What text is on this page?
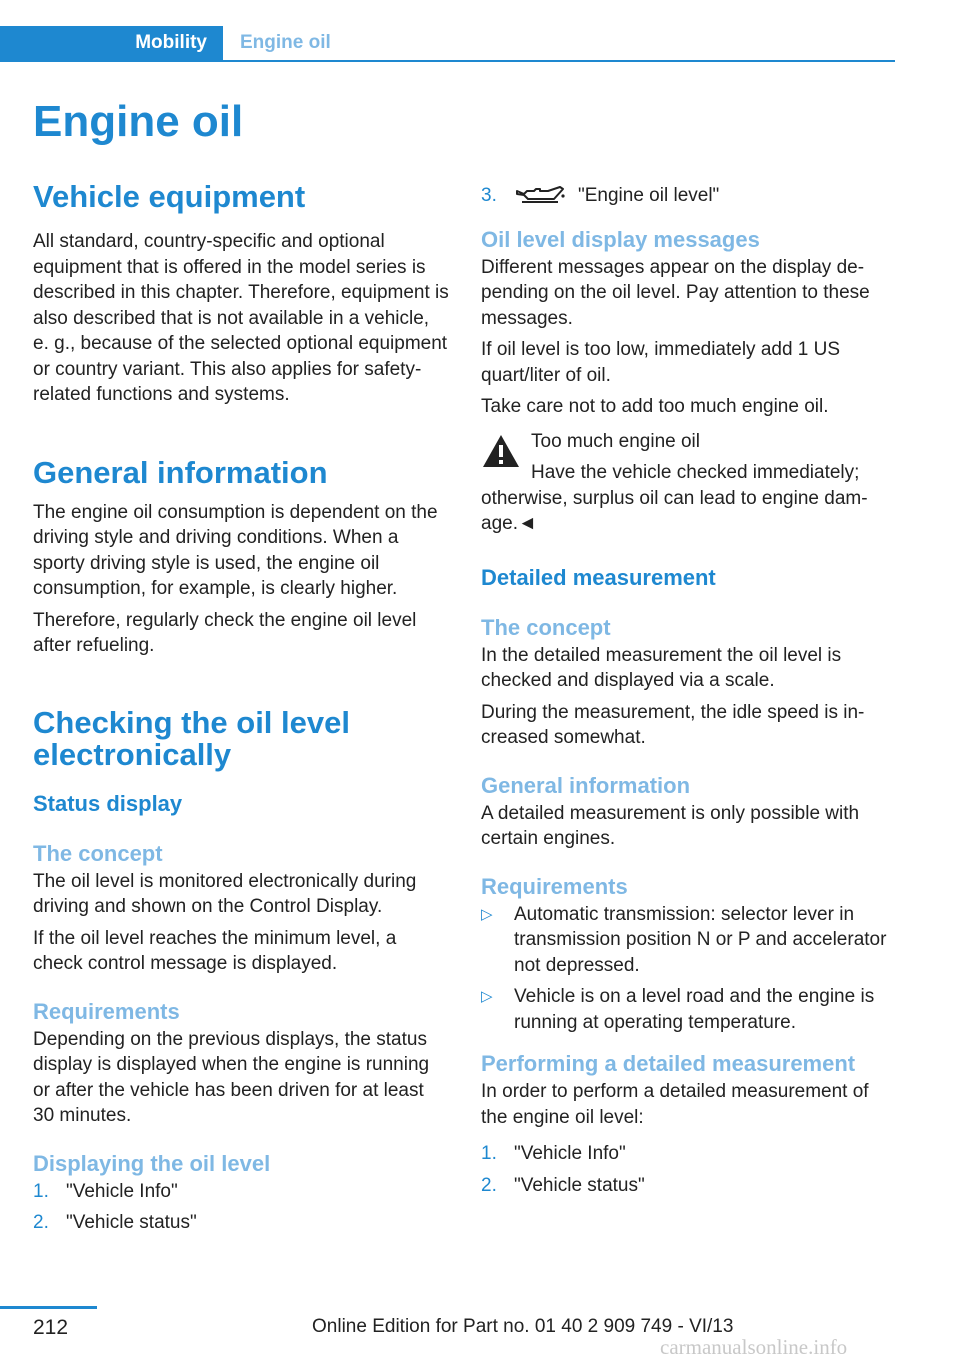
Mobility	Engine oil
Engine oil
Vehicle equipment

All standard, country-specific and optional equipment that is offered in the model series is described in this chapter. Therefore, equipment is also described that is not available in a vehicle, e. g., because of the selected optional equipment or country variant. This also applies for safety-related functions and systems.

General information

The engine oil consumption is dependent on the driving style and driving conditions. When a sporty driving style is used, the engine oil consumption, for example, is clearly higher.

Therefore, regularly check the engine oil level after refueling.

Checking the oil level electronically
Status display
The concept

The oil level is monitored electronically during driving and shown on the Control Display.

If the oil level reaches the minimum level, a check control message is displayed.

Requirements

Depending on the previous displays, the status display is displayed when the engine is running or after the vehicle has been driven for at least 30 minutes.

Displaying the oil level
1. "Vehicle Info"
2. "Vehicle status"
3.	"Engine oil level"
Oil level display messages

Different messages appear on the display depending on the oil level. Pay attention to these messages.

If oil level is too low, immediately add 1 US quart/liter of oil.

Take care not to add too much engine oil.

Too much engine oil

Have the vehicle checked immediately;

otherwise, surplus oil can lead to engine damage.◄

Detailed measurement
The concept

In the detailed measurement the oil level is checked and displayed via a scale.

During the measurement, the idle speed is increased somewhat.

General information

A detailed measurement is only possible with certain engines.

Requirements
▷ Automatic transmission: selector lever in transmission position N or P and accelerator not depressed.
▷ Vehicle is on a level road and the engine is running at operating temperature.
Performing a detailed measurement

In order to perform a detailed measurement of the engine oil level:

1. "Vehicle Info"
2. "Vehicle status"
212	Online Edition for Part no. 01 40 2 909 749 - VI/13
carmanualsonline.info
